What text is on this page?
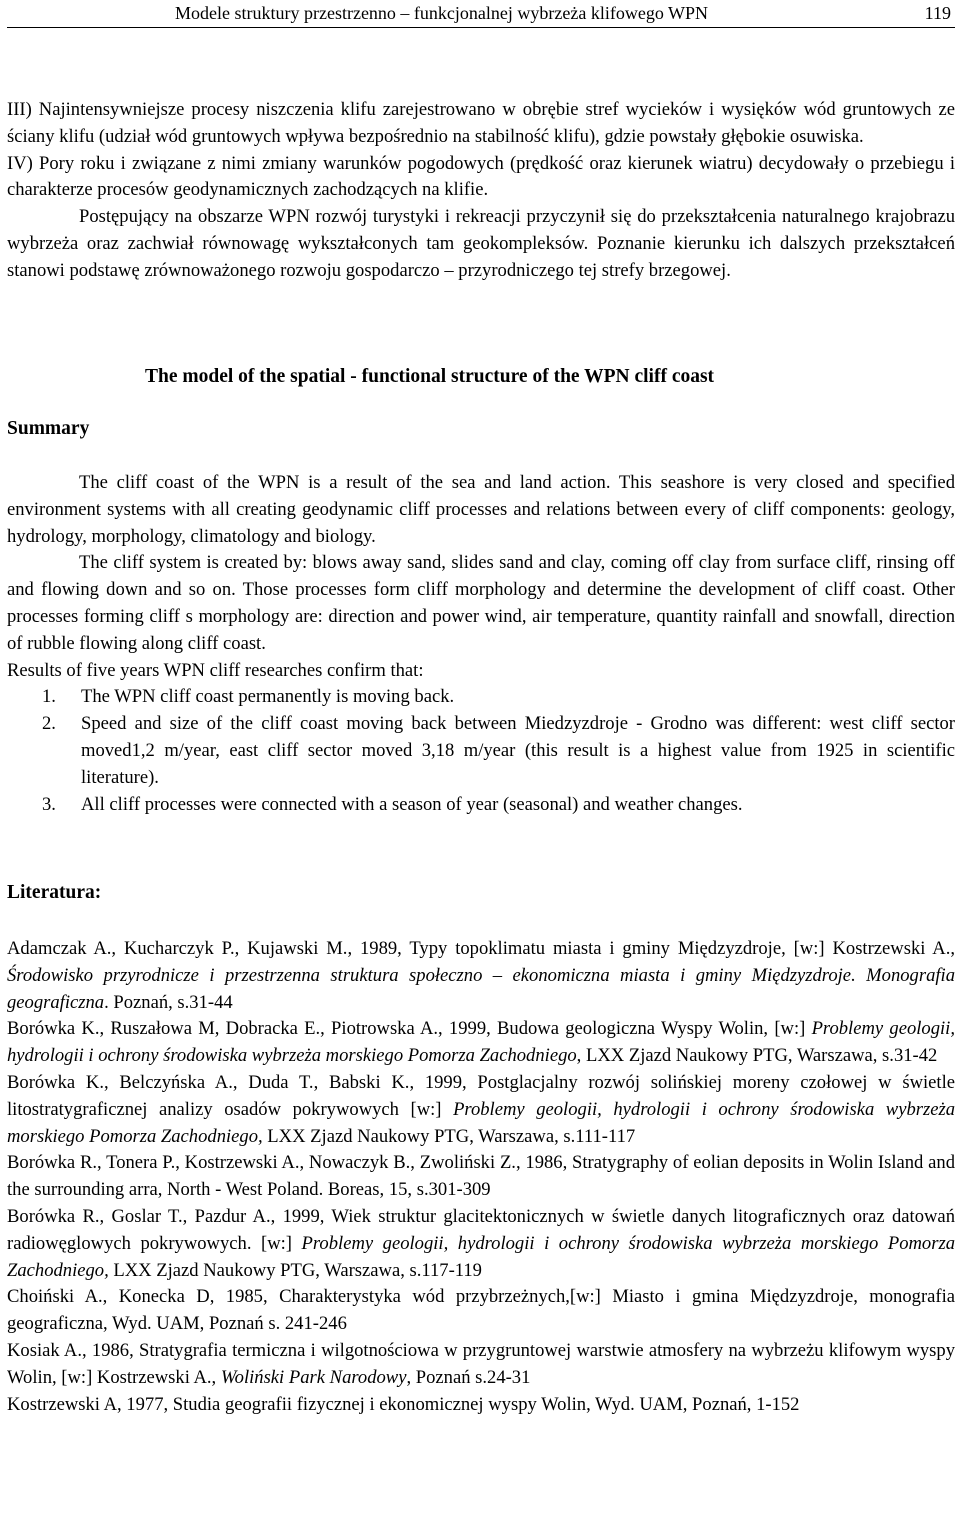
Modele struktury przestrzenno – funkcjonalnej wybrzeża klifowego WPN	119

III) Najintensywniejsze procesy niszczenia klifu zarejestrowano w obrębie stref wycieków i wysięków wód gruntowych ze ściany klifu (udział wód gruntowych wpływa bezpośrednio na stabilność klifu), gdzie powstały głębokie osuwiska.

IV) Pory roku i związane z nimi zmiany warunków pogodowych (prędkość oraz kierunek wiatru) decydowały o przebiegu i charakterze procesów geodynamicznych zachodzących na klifie.

Postępujący na obszarze WPN rozwój turystyki i rekreacji przyczynił się do przekształcenia naturalnego krajobrazu wybrzeża oraz zachwiał równowagę wykształconych tam geokompleksów. Poznanie kierunku ich dalszych przekształceń stanowi podstawę zrównoważonego rozwoju gospodarczo – przyrodniczego tej strefy brzegowej.

The model of the spatial - functional structure of the WPN cliff coast
Summary

The cliff coast of the WPN is a result of the sea and land action. This seashore is very closed and specified environment systems with all creating geodynamic cliff processes and relations between every of cliff components: geology, hydrology, morphology, climatology and biology.

The cliff system is created by: blows away sand, slides sand and clay, coming off clay from surface cliff, rinsing off and flowing down and so on. Those processes form cliff morphology and determine the development of cliff coast. Other processes forming cliff s morphology are: direction and power wind, air temperature, quantity rainfall and snowfall, direction of rubble flowing along cliff coast.

Results of five years WPN cliff researches confirm that:

1. The WPN cliff coast permanently is moving back.
2. Speed and size of the cliff coast moving back between Miedzyzdroje - Grodno was different: west cliff sector moved1,2 m/year, east cliff sector moved 3,18 m/year (this result is a highest value from 1925 in scientific literature).
3. All cliff processes were connected with a season of year (seasonal) and weather changes.
Literatura:

Adamczak A., Kucharczyk P., Kujawski M., 1989, Typy topoklimatu miasta i gminy Międzyzdroje, [w:] Kostrzewski A., Środowisko przyrodnicze i przestrzenna struktura społeczno – ekonomiczna miasta i gminy Międzyzdroje. Monografia geograficzna. Poznań, s.31-44

Borówka K., Ruszałowa M, Dobracka E., Piotrowska A., 1999, Budowa geologiczna Wyspy Wolin, [w:] Problemy geologii, hydrologii i ochrony środowiska wybrzeża morskiego Pomorza Zachodniego, LXX Zjazd Naukowy PTG, Warszawa, s.31-42

Borówka K., Belczyńska A., Duda T., Babski K., 1999, Postglacjalny rozwój solińskiej moreny czołowej w świetle litostratygraficznej analizy osadów pokrywowych [w:] Problemy geologii, hydrologii i ochrony środowiska wybrzeża morskiego Pomorza Zachodniego, LXX Zjazd Naukowy PTG, Warszawa, s.111-117

Borówka R., Tonera P., Kostrzewski A., Nowaczyk B., Zwoliński Z., 1986, Stratygraphy of eolian deposits in Wolin Island and the surrounding arra, North - West Poland. Boreas, 15, s.301-309

Borówka R., Goslar T., Pazdur A., 1999, Wiek struktur glacitektonicznych w świetle danych litograficznych oraz datowań radiowęglowych pokrywowych. [w:] Problemy geologii, hydrologii i ochrony środowiska wybrzeża morskiego Pomorza Zachodniego, LXX Zjazd Naukowy PTG, Warszawa, s.117-119

Choiński A., Konecka D, 1985, Charakterystyka wód przybrzeżnych,[w:] Miasto i gmina Międzyzdroje, monografia geograficzna, Wyd. UAM, Poznań s. 241-246

Kosiak A., 1986, Stratygrafia termiczna i wilgotnościowa w przygruntowej warstwie atmosfery na wybrzeżu klifowym wyspy Wolin, [w:] Kostrzewski A., Woliński Park Narodowy, Poznań s.24-31

Kostrzewski A, 1977, Studia geografii fizycznej i ekonomicznej wyspy Wolin, Wyd. UAM, Poznań, 1-152
